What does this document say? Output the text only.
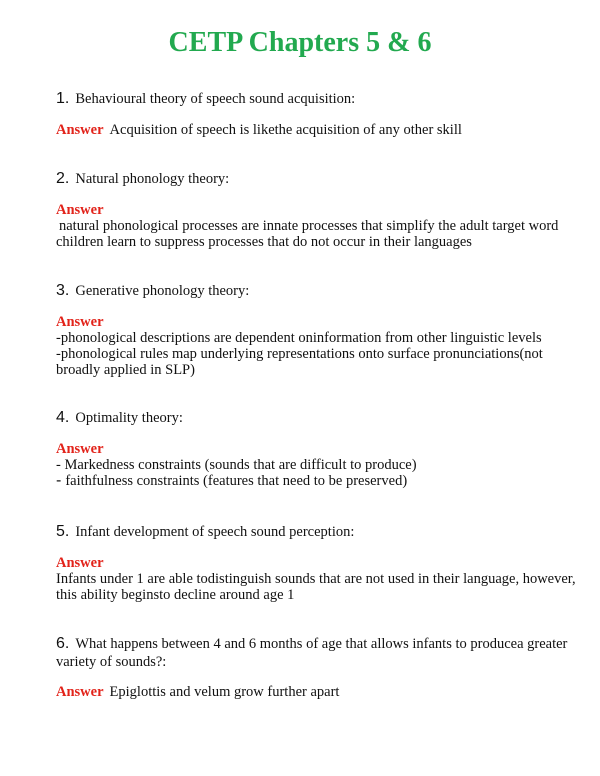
CETP Chapters 5 & 6
1. Behavioural theory of speech sound acquisition:
Answer Acquisition of speech is likethe acquisition of any other skill
2. Natural phonology theory:
Answer
natural phonological processes are innate processes that simplify the adult target word
children learn to suppress processes that do not occur in their languages
3. Generative phonology theory:
Answer
-phonological descriptions are dependent oninformation from other linguistic levels
-phonological rules map underlying representations onto surface pronunciations(not
broadly applied in SLP)
4. Optimality theory:
Answer
- Markedness constraints (sounds that are difficult to produce)
- faithfulness constraints (features that need to be preserved)
5. Infant development of speech sound perception:
Answer
Infants under 1 are able todistinguish sounds that are not used in their language, however,
this ability beginsto decline around age 1
6. What happens between 4 and 6 months of age that allows infants to producea greater
variety of sounds?:
Answer Epiglottis and velum grow further apart
